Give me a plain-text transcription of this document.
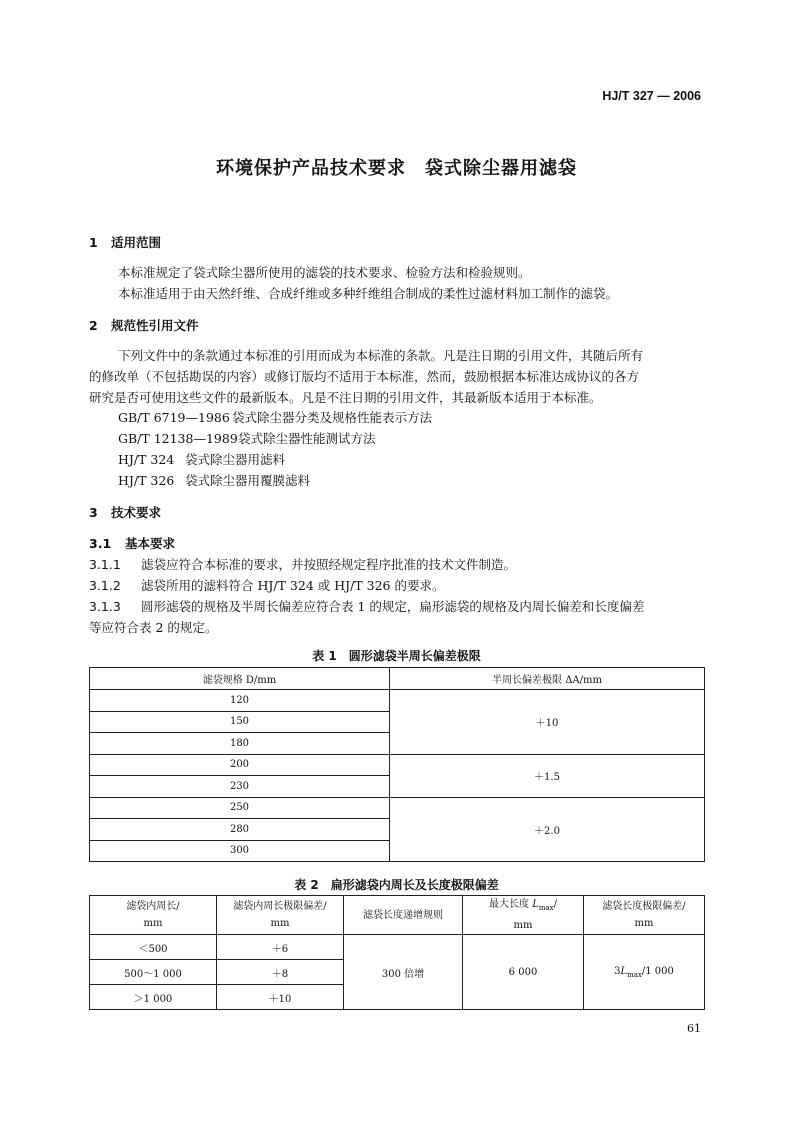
HJ/T 327 — 2006
环境保护产品技术要求　袋式除尘器用滤袋
1 适用范围
本标准规定了袋式除尘器所使用的滤袋的技术要求、检验方法和检验规则。
本标准适用于由天然纤维、合成纤维或多种纤维组合制成的柔性过滤材料加工制作的滤袋。
2 规范性引用文件
下列文件中的条款通过本标准的引用而成为本标准的条款。凡是注日期的引用文件，其随后所有
的修改单（不包括勘误的内容）或修订版均不适用于本标准，然而，鼓励根据本标准达成协议的各方
研究是否可使用这些文件的最新版本。凡是不注日期的引用文件，其最新版本适用于本标准。
GB/T 6719—1986 袋式除尘器分类及规格性能表示方法
GB/T 12138—1989袋式除尘器性能测试方法
HJ/T 324 袋式除尘器用滤料
HJ/T 326 袋式除尘器用覆膜滤料
3 技术要求
3.1 基本要求
3.1.1 滤袋应符合本标准的要求，并按照经规定程序批准的技术文件制造。
3.1.2 滤袋所用的滤料符合 HJ/T 324 或 HJ/T 326 的要求。
3.1.3 圆形滤袋的规格及半周长偏差应符合表 1 的规定，扁形滤袋的规格及内周长偏差和长度偏差
等应符合表 2 的规定。
表 1　圆形滤袋半周长偏差极限
滤袋规格 D/mm	半周长偏差极限 ΔA/mm
120	＋10
150	
180	
200	＋1.5
230	
250	＋2.0
280	
300	
表 2　扁形滤袋内周长及长度极限偏差
滤袋内周长/
mm	滤袋内周长极限偏差/
mm	滤袋长度递增规则	最大长度 $L_{max}/$
mm	滤袋长度极限偏差/
mm
＜500	＋6	300 倍增	6 000	$3L_{max}/1$ 000
500～1 000	＋8			
＞1 000	＋10			
61
